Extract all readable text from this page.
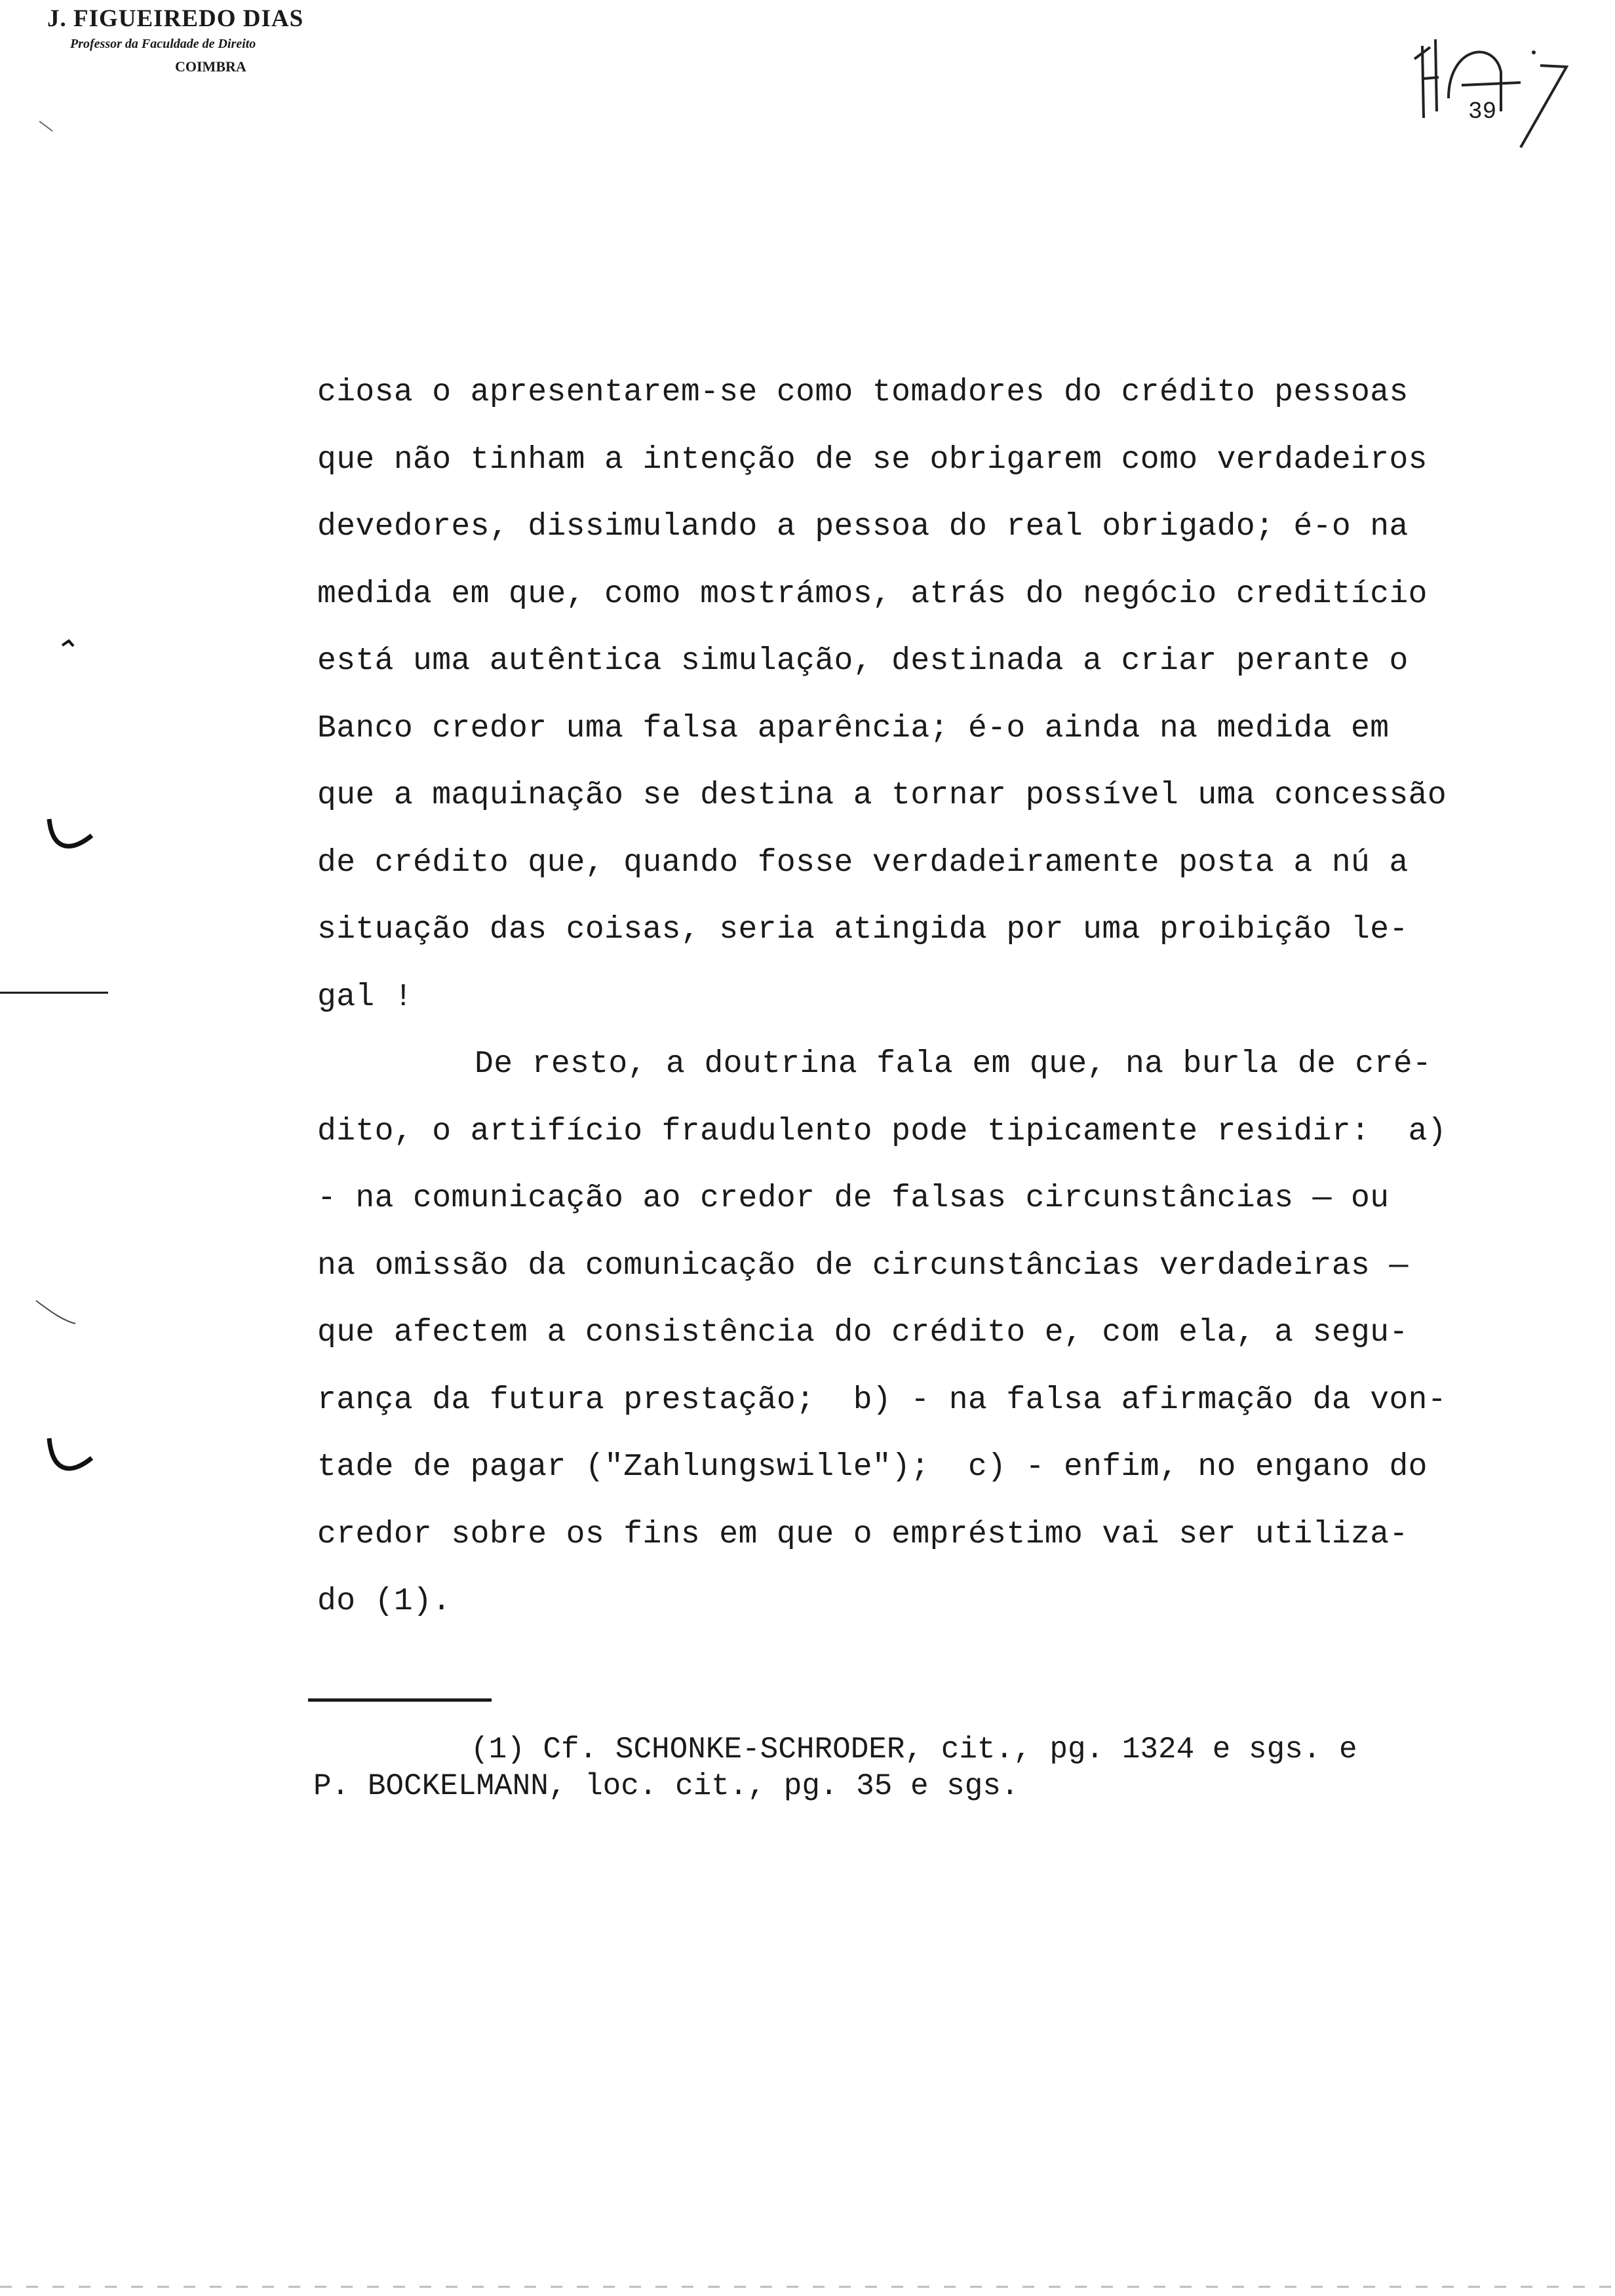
J. FIGUEIREDO DIAS
Professor da Faculdade de Direito
COIMBRA
39
ciosa o apresentarem-se como tomadores do crédito pessoas
que não tinham a intenção de se obrigarem como verdadeiros
devedores, dissimulando a pessoa do real obrigado; é-o na
medida em que, como mostrámos, atrás do negócio creditício
está uma autêntica simulação, destinada a criar perante o
Banco credor uma falsa aparência; é-o ainda na medida em
que a maquinação se destina a tornar possível uma concessão
de crédito que, quando fosse verdadeiramente posta a nú a
situação das coisas, seria atingida por uma proibição le-
gal !
De resto, a doutrina fala em que, na burla de cré-
dito, o artifício fraudulento pode tipicamente residir:  a)
- na comunicação ao credor de falsas circunstâncias — ou
na omissão da comunicação de circunstâncias verdadeiras —
que afectem a consistência do crédito e, com ela, a segu-
rança da futura prestação;  b) - na falsa afirmação da von-
tade de pagar ("Zahlungswille");  c) - enfim, no engano do
credor sobre os fins em que o empréstimo vai ser utiliza-
do (1).
(1) Cf. SCHONKE-SCHRODER, cit., pg. 1324 e sgs. e
P. BOCKELMANN, loc. cit., pg. 35 e sgs.
